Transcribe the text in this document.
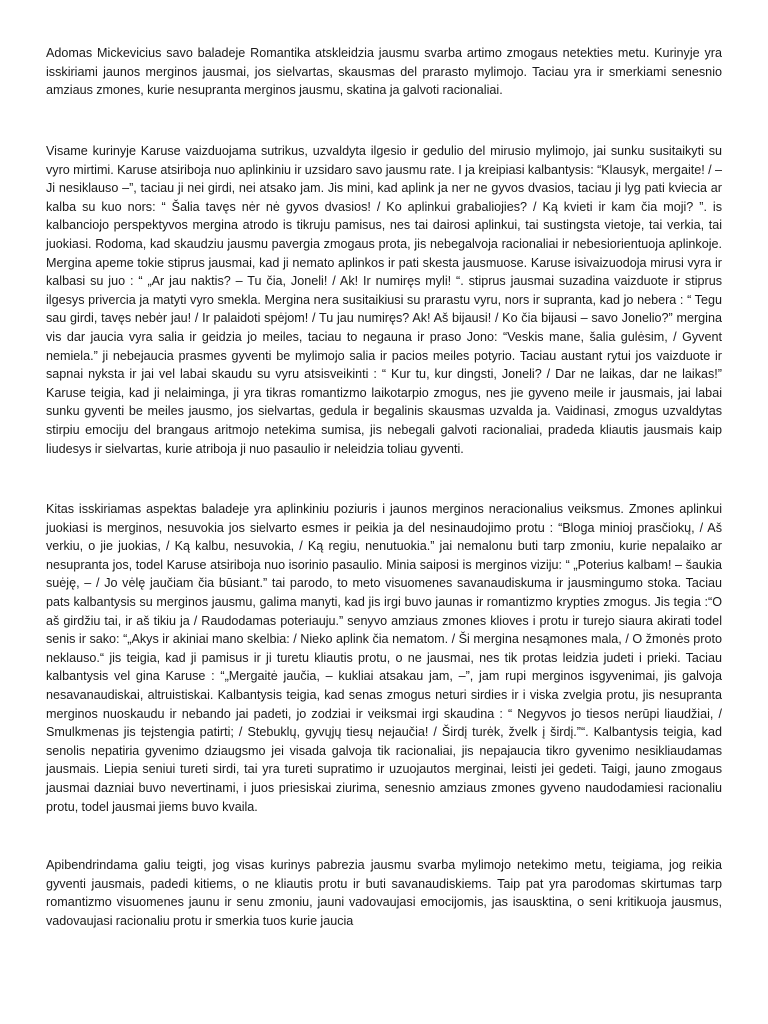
Adomas Mickevicius savo baladeje Romantika atskleidzia jausmu svarba artimo zmogaus netekties metu. Kurinyje yra isskiriami jaunos merginos jausmai, jos sielvartas, skausmas del prarasto mylimojo. Taciau yra ir smerkiami senesnio amziaus zmones, kurie nesupranta merginos jausmu, skatina ja galvoti racionaliai.

Visame kurinyje Karuse vaizduojama sutrikus, uzvaldyta ilgesio ir gedulio del mirusio mylimojo, jai sunku susitaikyti su vyro mirtimi. Karuse atsiriboja nuo aplinkiniu ir uzsidaro savo jausmu rate. I ja kreipiasi kalbantysis: “Klausyk, mergaite! / – Ji nesiklauso –”, taciau ji nei girdi, nei atsako jam. Jis mini, kad aplink ja ner ne gyvos dvasios, taciau ji lyg pati kviecia ar kalba su kuo nors: “ Šalia tavęs nėr nė gyvos dvasios! / Ko aplinkui grabaliojies? / Ką kvieti ir kam čia moji? ”. is kalbanciojo perspektyvos mergina atrodo is tikruju pamisus, nes tai dairosi aplinkui, tai sustingsta vietoje, tai verkia, tai juokiasi. Rodoma, kad skaudziu jausmu pavergia zmogaus prota, jis nebegalvoja racionaliai ir nebesiorientuoja aplinkoje. Mergina apeme tokie stiprus jausmai, kad ji nemato aplinkos ir pati skesta jausmuose. Karuse isivaizuodoja mirusi vyra ir kalbasi su juo : “ „Ar jau naktis? – Tu čia, Joneli! / Ak! Ir numiręs myli! “. stiprus jausmai suzadina vaizduote ir stiprus ilgesys privercia ja matyti vyro smekla. Mergina nera susitaikiusi su prarastu vyru, nors ir supranta, kad jo nebera : “ Tegu sau girdi, tavęs nebėr jau! / Ir palaidoti spėjom! / Tu jau numiręs? Ak! Aš bijausi! / Ko čia bijausi – savo Jonelio?” mergina vis dar jaucia vyra salia ir geidzia jo meiles, taciau to negauna ir praso Jono: “Veskis mane, šalia gulėsim, / Gyvent nemiela.” ji nebejaucia prasmes gyventi be mylimojo salia ir pacios meiles potyrio. Taciau austant rytui jos vaizduote ir sapnai nyksta ir jai vel labai skaudu su vyru atsisveikinti : “ Kur tu, kur dingsti, Joneli? / Dar ne laikas, dar ne laikas!” Karuse teigia, kad ji nelaiminga, ji yra tikras romantizmo laikotarpio zmogus, nes jie gyveno meile ir jausmais, jai labai sunku gyventi be meiles jausmo, jos sielvartas, gedula ir begalinis skausmas uzvalda ja. Vaidinasi, zmogus uzvaldytas stirpiu emociju del brangaus aritmojo netekima sumisa, jis nebegali galvoti racionaliai, pradeda kliautis jausmais kaip liudesys ir sielvartas, kurie atriboja ji nuo pasaulio ir neleidzia toliau gyventi.

Kitas isskiriamas aspektas baladeje yra aplinkiniu poziuris i jaunos merginos neracionalius veiksmus. Zmones aplinkui juokiasi is merginos, nesuvokia jos sielvarto esmes ir peikia ja del nesinaudojimo protu : “Bloga minioj prasčiokų, / Aš verkiu, o jie juokias, / Ką kalbu, nesuvokia, / Ką regiu, nenutuokia.” jai nemalonu buti tarp zmoniu, kurie nepalaiko ar nesupranta jos, todel Karuse atsiriboja nuo isorinio pasaulio. Minia saiposi is merginos viziju: “ „Poterius kalbam! – šaukia suėję, – / Jo vėlę jaučiam čia būsiant.” tai parodo, to meto visuomenes savanaudiskuma ir jausmingumo stoka. Taciau pats kalbantysis su merginos jausmu, galima manyti, kad jis irgi buvo jaunas ir romantizmo krypties zmogus. Jis tegia :“O aš girdžiu tai, ir aš tikiu ja / Raudodamas poteriauju.” senyvo amziaus zmones klioves i protu ir turejo siaura akirati todel senis ir sako: “„Akys ir akiniai mano skelbia: / Nieko aplink čia nematom. / Ši mergina nesąmones mala, / O žmonės proto neklauso.“ jis teigia, kad ji pamisus ir ji turetu kliautis protu, o ne jausmai, nes tik protas leidzia judeti i prieki. Taciau kalbantysis vel gina Karuse : “„Mergaitė jaučia, – kukliai atsakau jam, –”, jam rupi merginos isgyvenimai, jis galvoja nesavanaudiskai, altruistiskai. Kalbantysis teigia, kad senas zmogus neturi sirdies ir i viska zvelgia protu, jis nesupranta merginos nuoskaudu ir nebando jai padeti, jo zodziai ir veiksmai irgi skaudina : “ Negyvos jo tiesos nerūpi liaudžiai, / Smulkmenas jis tejstengia patirti; / Stebuklų, gyvųjų tiesų nejaučia! / Širdį turėk, žvelk į širdį.”“. Kalbantysis teigia, kad senolis nepatiria gyvenimo dziaugsmo jei visada galvoja tik racionaliai, jis nepajaucia tikro gyvenimo nesikliaudamas jausmais. Liepia seniui tureti sirdi, tai yra tureti supratimo ir uzuojautos merginai, leisti jei gedeti. Taigi, jauno zmogaus jausmai dazniai buvo nevertinami, i juos priesiskai ziurima, senesnio amziaus zmones gyveno naudodamiesi racionaliu protu, todel jausmai jiems buvo kvaila.

Apibendrindama galiu teigti, jog visas kurinys pabrezia jausmu svarba mylimojo netekimo metu, teigiama, jog reikia gyventi jausmais, padedi kitiems, o ne kliautis protu ir buti savanaudiskiems. Taip pat yra parodomas skirtumas tarp romantizmo visuomenes jaunu ir senu zmoniu, jauni vadovaujasi emocijomis, jas isausktina, o seni kritikuoja jausmus, vadovaujasi racionaliu protu ir smerkia tuos kurie jaucia
